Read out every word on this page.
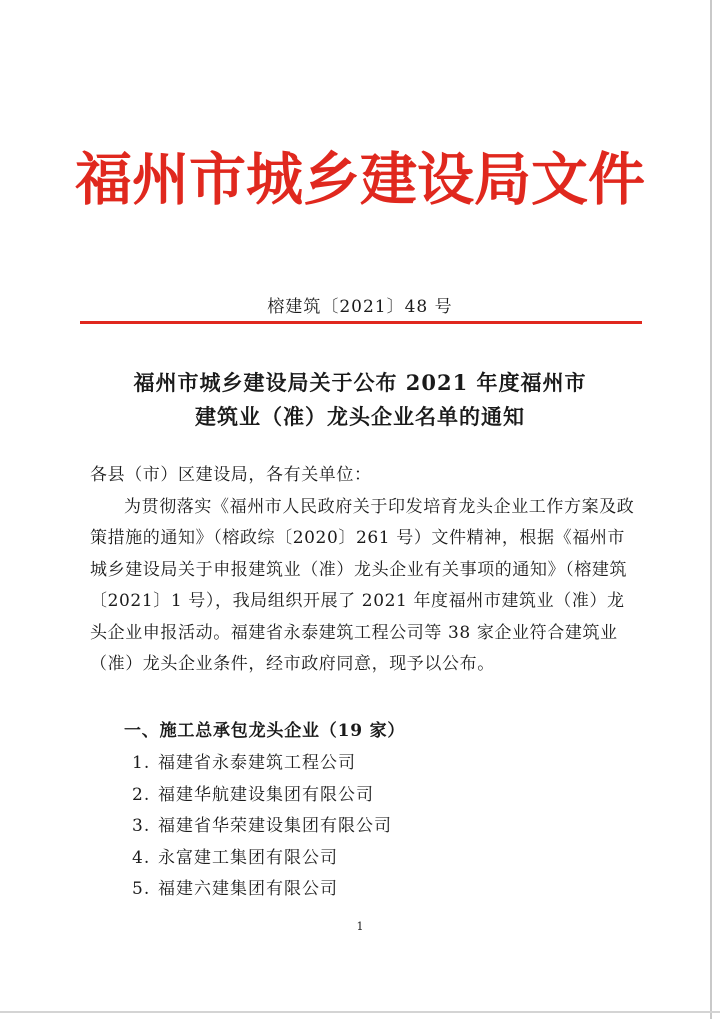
福州市城乡建设局文件
榕建筑〔2021〕48 号
福州市城乡建设局关于公布 2021 年度福州市
建筑业（准）龙头企业名单的通知

各县（市）区建设局，各有关单位：

为贯彻落实《福州市人民政府关于印发培育龙头企业工作方案及政策措施的通知》（榕政综〔2020〕261 号）文件精神，根据《福州市城乡建设局关于申报建筑业（准）龙头企业有关事项的通知》（榕建筑〔2021〕1 号），我局组织开展了 2021 年度福州市建筑业（准）龙头企业申报活动。福建省永泰建筑工程公司等 38 家企业符合建筑业（准）龙头企业条件，经市政府同意，现予以公布。

一、施工总承包龙头企业（19 家）
1. 福建省永泰建筑工程公司
2. 福建华航建设集团有限公司
3. 福建省华荣建设集团有限公司
4. 永富建工集团有限公司
5. 福建六建集团有限公司
1
